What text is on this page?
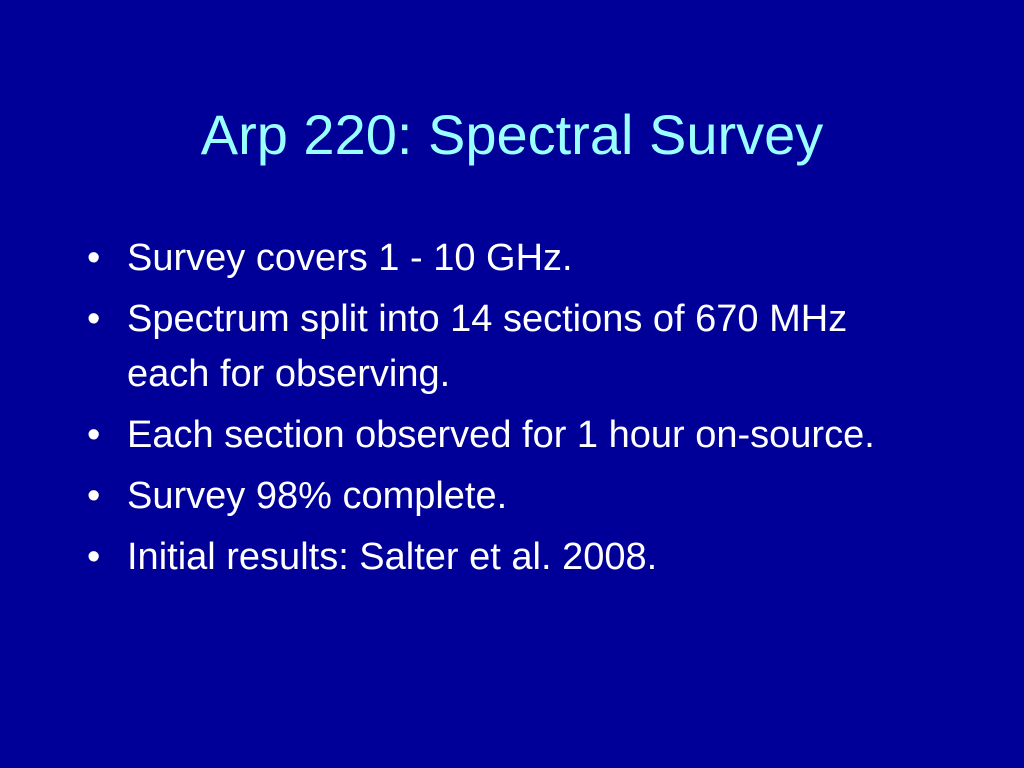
Arp 220: Spectral Survey
• Survey covers 1 - 10 GHz.
• Spectrum split into 14 sections of 670 MHz each for observing.
• Each section observed for 1 hour on-source.
• Survey 98% complete.
• Initial results: Salter et al. 2008.
